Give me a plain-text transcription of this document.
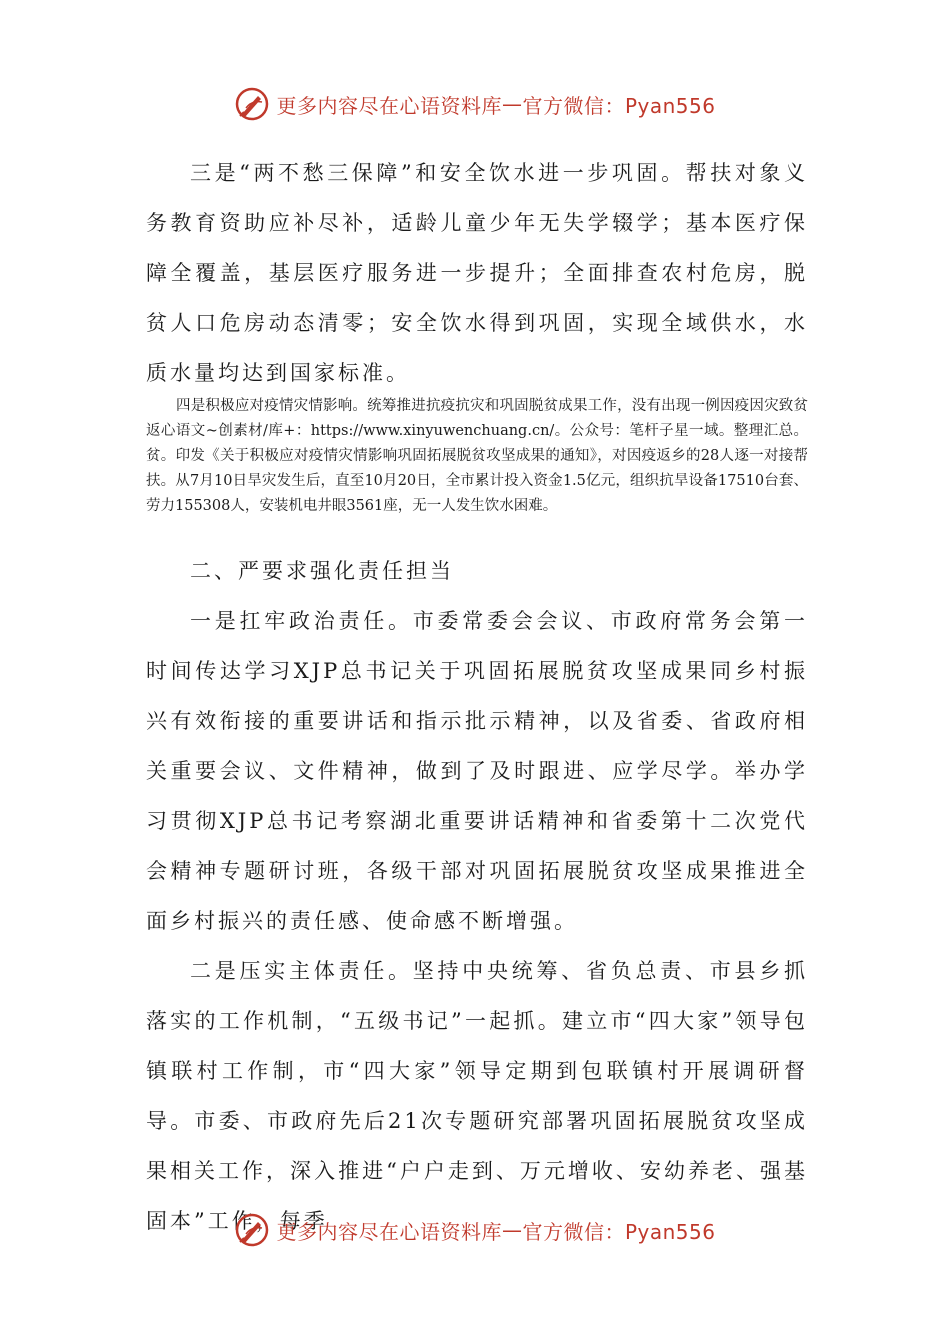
更多内容尽在心语资料库 — 官方微信：Pyan556

三是“两不愁三保障”和安全饮水进一步巩固。帮扶对象义务教育资助应补尽补，适龄儿童少年无失学辍学；基本医疗保障全覆盖，基层医疗服务进一步提升；全面排查农村危房，脱贫人口危房动态清零；安全饮水得到巩固，实现全域供水，水质水量均达到国家标准。

四是积极应对疫情灾情影响。统筹推进抗疫抗灾和巩固脱贫成果工作，没有出现一例因疫因灾致贫返心语文~创素材/库+：https://www.xinyuwenchuang.cn/。公众号：笔杆子星一域。整理汇总。贫。印发《关于积极应对疫情灾情影响巩固拓展脱贫攻坚成果的通知》，对因疫返乡的28人逐一对接帮扶。从7月10日旱灾发生后，直至10月20日，全市累计投入资金1.5亿元，组织抗旱设备17510台套、劳力155308人，安装机电井眼3561座，无一人发生饮水困难。

二、严要求强化责任担当

一是扛牢政治责任。市委常委会会议、市政府常务会第一时间传达学习XJP总书记关于巩固拓展脱贫攻坚成果同乡村振兴有效衔接的重要讲话和指示批示精神，以及省委、省政府相关重要会议、文件精神，做到了及时跟进、应学尽学。举办学习贯彻XJP总书记考察湖北重要讲话精神和省委第十二次党代会精神专题研讨班，各级干部对巩固拓展脱贫攻坚成果推进全面乡村振兴的责任感、使命感不断增强。

二是压实主体责任。坚持中央统筹、省负总责、市县乡抓落实的工作机制，“五级书记”一起抓。建立市“四大家”领导包镇联村工作制，市“四大家”领导定期到包联镇村开展调研督导。市委、市政府先后21次专题研究部署巩固拓展脱贫攻坚成果相关工作，深入推进“户户走到、万元增收、安幼养老、强基固本”工作，每季

更多内容尽在心语资料库 — 官方微信：Pyan556
